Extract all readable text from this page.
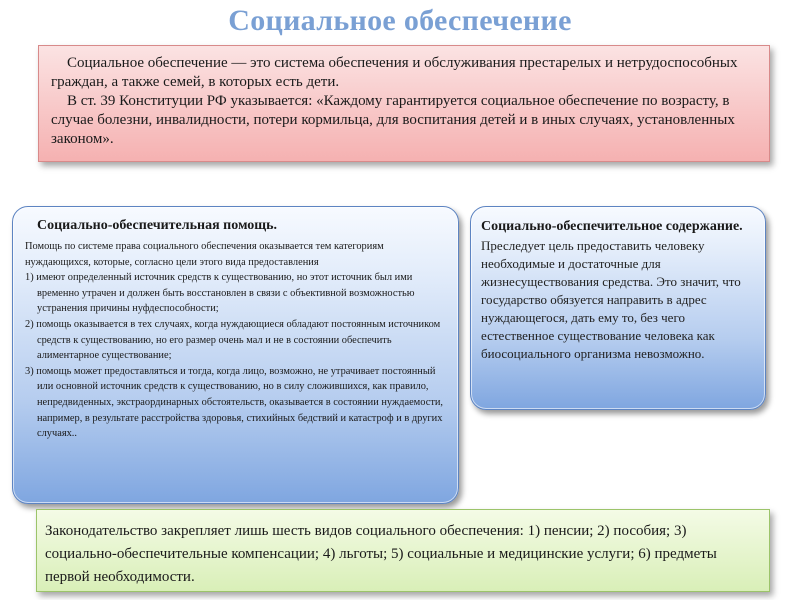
Социальное обеспечение

Социальное обеспечение — это система обеспечения и обслуживания престарелых и нетрудоспособных граждан, а также семей, в которых есть дети.

В ст. 39 Конституции РФ указывается: «Каждому гарантируется социальное обеспечение по возрасту, в случае болезни, инвалидности, потери кормильца, для воспитания детей и в иных случаях, установленных законом».

Социально-обеспечительная помощь.
Помощь по системе права социального обеспечения оказывается тем категориям нуждающихся, которые, согласно цели этого вида предоставления
1) имеют определенный источник средств к существованию, но этот источник был ими временно утрачен и должен быть восстановлен в связи с объективной возможностью устранения причины нуфдеспособности;
2) помощь оказывается в тех случаях, когда нуждающиеся обладают постоянным источником средств к существованию, но его размер очень мал и не в состоянии обеспечить алиментарное существование;
3) помощь может предоставляться и тогда, когда лицо, возможно, не утрачивает постоянный или основной источник средств к существованию, но в силу сложившихся, как правило, непредвиденных, экстраординарных обстоятельств, оказывается в состоянии нуждаемости, например, в результате расстройства здоровья, стихийных бедствий и катастроф и в других случаях..
Социально-обеспечительное содержание.
Преследует цель предоставить человеку необходимые и достаточные для жизнесуществования средства. Это значит, что государство обязуется направить в адрес нуждающегося, дать ему то, без чего естественное существование человека как биосоциального организма невозможно.
Законодательство закрепляет лишь шесть видов социального обеспечения: 1) пенсии; 2) пособия; 3) социально-обеспечительные компенсации; 4) льготы; 5) социальные и медицинские услуги; 6) предметы первой необходимости.
